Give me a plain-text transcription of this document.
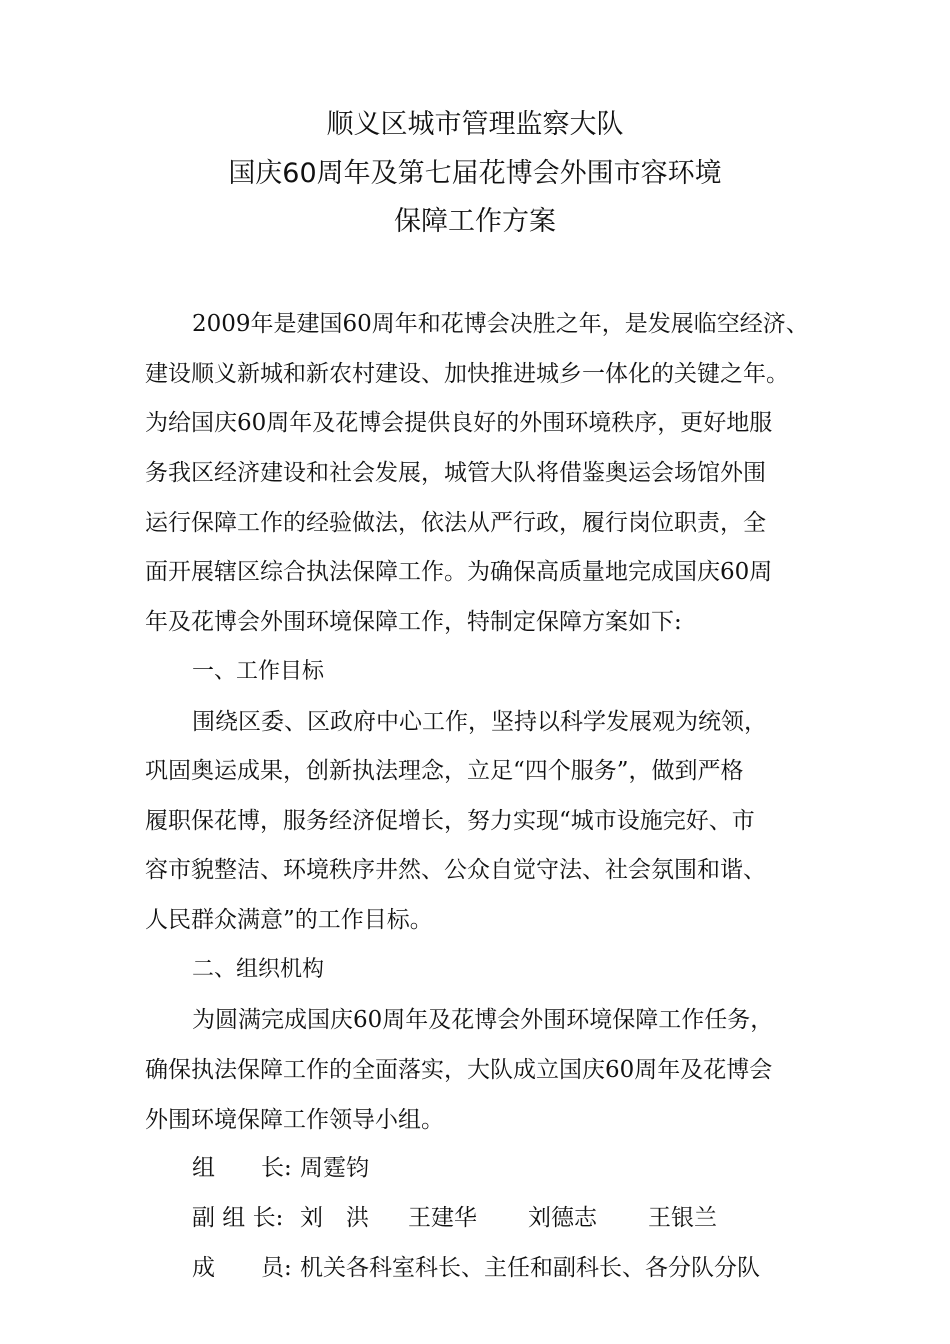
顺义区城市管理监察大队
国庆60周年及第七届花博会外围市容环境
保障工作方案
2009年是建国60周年和花博会决胜之年，是发展临空经济、
建设顺义新城和新农村建设、加快推进城乡一体化的关键之年。
为给国庆60周年及花博会提供良好的外围环境秩序，更好地服
务我区经济建设和社会发展，城管大队将借鉴奥运会场馆外围
运行保障工作的经验做法，依法从严行政，履行岗位职责，全
面开展辖区综合执法保障工作。为确保高质量地完成国庆60周
年及花博会外围环境保障工作，特制定保障方案如下:
一、工作目标
围绕区委、区政府中心工作，坚持以科学发展观为统领，
巩固奥运成果，创新执法理念，立足“四个服务”，做到严格
履职保花博，服务经济促增长，努力实现“城市设施完好、市
容市貌整洁、环境秩序井然、公众自觉守法、社会氛围和谐、
人民群众满意”的工作目标。
二、组织机构
为圆满完成国庆60周年及花博会外围环境保障工作任务，
确保执法保障工作的全面落实，大队成立国庆60周年及花博会
外围环境保障工作领导小组。
组　　长: 周霆钧
副 组 长: 刘　洪 王建华 刘德志 王银兰
成　　员: 机关各科室科长、主任和副科长、各分队分队
